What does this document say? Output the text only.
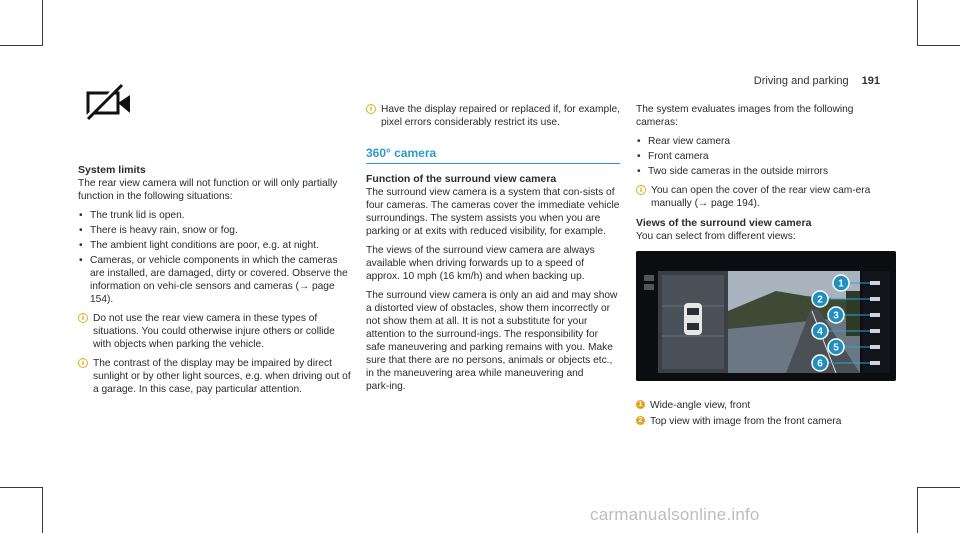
Driving and parking 191
System limits

The rear view camera will not function or will only partially function in the following situations:

• The trunk lid is open.
• There is heavy rain, snow or fog.
• The ambient light conditions are poor, e.g. at night.
• Cameras, or vehicle components in which the cameras are installed, are damaged, dirty or covered. Observe the information on vehi‑cle sensors and cameras (→ page 154).
i Do not use the rear view camera in these types of situations. You could otherwise injure others or collide with objects when parking the vehicle.
i The contrast of the display may be impaired by direct sunlight or by other light sources, e.g. when driving out of a garage. In this case, pay particular attention.
i Have the display repaired or replaced if, for example, pixel errors considerably restrict its use.
360° camera
Function of the surround view camera

The surround view camera is a system that con‑sists of four cameras. The cameras cover the immediate vehicle surroundings. The system assists you when you are parking or at exits with reduced visibility, for example.

The views of the surround view camera are always available when driving forwards up to a speed of approx. 10 mph (16 km/h) and when backing up.

The surround view camera is only an aid and may show a distorted view of obstacles, show them incorrectly or not show them at all. It is not a substitute for your attention to the surround‑ings. The responsibility for safe maneuvering and parking remains with you. Make sure that there are no persons, animals or objects etc., in the maneuvering area while maneuvering and park‑ing.

The system evaluates images from the following cameras:

• Rear view camera
• Front camera
• Two side cameras in the outside mirrors
i You can open the cover of the rear view cam‑era manually (→ page 194).
Views of the surround view camera

You can select from different views:

1
2
3
4
5
6
1 Wide-angle view, front
2 Top view with image from the front camera
carmanualsonline.info
